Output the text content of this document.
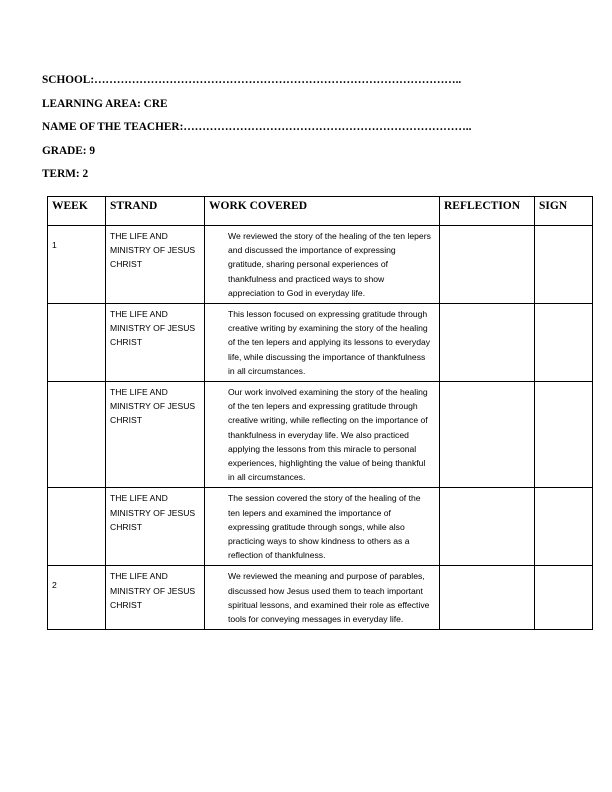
SCHOOL:……………………………………………………………………………………..
LEARNING AREA: CRE
NAME OF THE TEACHER:…………………………………………………………………..
GRADE: 9
TERM: 2
WEEK	STRAND	WORK COVERED	REFLECTION	SIGN
1	THE LIFE AND MINISTRY OF JESUS CHRIST	We reviewed the story of the healing of the ten lepers and discussed the importance of expressing gratitude, sharing personal experiences of thankfulness and practiced ways to show appreciation to God in everyday life.		
	THE LIFE AND MINISTRY OF JESUS CHRIST	This lesson focused on expressing gratitude through creative writing by examining the story of the healing of the ten lepers and applying its lessons to everyday life, while discussing the importance of thankfulness in all circumstances.		
	THE LIFE AND MINISTRY OF JESUS CHRIST	Our work involved examining the story of the healing of the ten lepers and expressing gratitude through creative writing, while reflecting on the importance of thankfulness in everyday life. We also practiced applying the lessons from this miracle to personal experiences, highlighting the value of being thankful in all circumstances.		
	THE LIFE AND MINISTRY OF JESUS CHRIST	The session covered the story of the healing of the ten lepers and examined the importance of expressing gratitude through songs, while also practicing ways to show kindness to others as a reflection of thankfulness.		
2	THE LIFE AND MINISTRY OF JESUS CHRIST	We reviewed the meaning and purpose of parables, discussed how Jesus used them to teach important spiritual lessons, and examined their role as effective tools for conveying messages in everyday life.		
